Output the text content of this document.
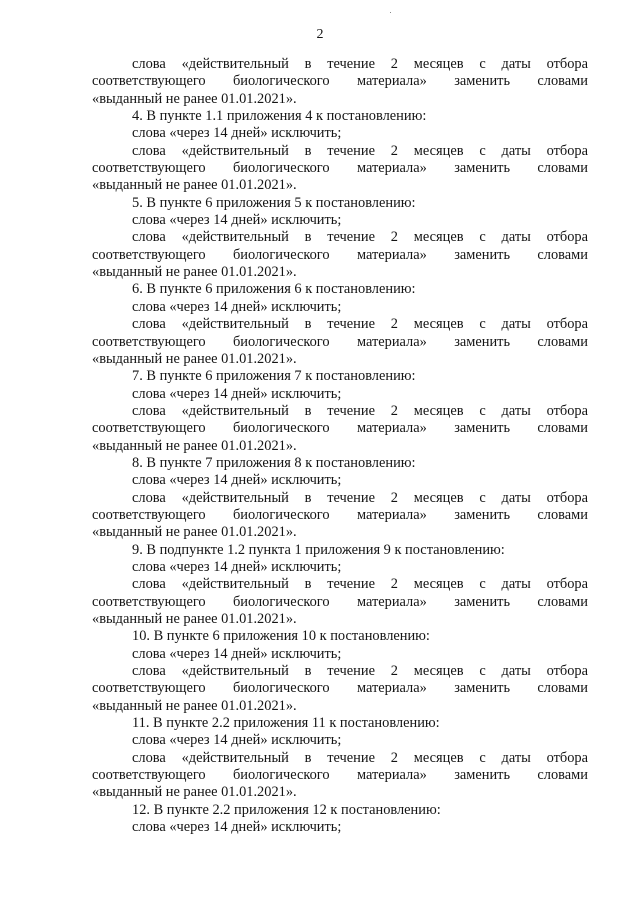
2
слова «действительный в течение 2 месяцев с даты отбора
соответствующего биологического материала» заменить словами
«выданный не ранее 01.01.2021».
4. В пункте 1.1 приложения 4 к постановлению:
слова «через 14 дней» исключить;
слова «действительный в течение 2 месяцев с даты отбора
соответствующего биологического материала» заменить словами
«выданный не ранее 01.01.2021».
5. В пункте 6 приложения 5 к постановлению:
слова «через 14 дней» исключить;
слова «действительный в течение 2 месяцев с даты отбора
соответствующего биологического материала» заменить словами
«выданный не ранее 01.01.2021».
6. В пункте 6 приложения 6 к постановлению:
слова «через 14 дней» исключить;
слова «действительный в течение 2 месяцев с даты отбора
соответствующего биологического материала» заменить словами
«выданный не ранее 01.01.2021».
7. В пункте 6 приложения 7 к постановлению:
слова «через 14 дней» исключить;
слова «действительный в течение 2 месяцев с даты отбора
соответствующего биологического материала» заменить словами
«выданный не ранее 01.01.2021».
8. В пункте 7 приложения 8 к постановлению:
слова «через 14 дней» исключить;
слова «действительный в течение 2 месяцев с даты отбора
соответствующего биологического материала» заменить словами
«выданный не ранее 01.01.2021».
9. В подпункте 1.2 пункта 1 приложения 9 к постановлению:
слова «через 14 дней» исключить;
слова «действительный в течение 2 месяцев с даты отбора
соответствующего биологического материала» заменить словами
«выданный не ранее 01.01.2021».
10. В пункте 6 приложения 10 к постановлению:
слова «через 14 дней» исключить;
слова «действительный в течение 2 месяцев с даты отбора
соответствующего биологического материала» заменить словами
«выданный не ранее 01.01.2021».
11. В пункте 2.2 приложения 11 к постановлению:
слова «через 14 дней» исключить;
слова «действительный в течение 2 месяцев с даты отбора
соответствующего биологического материала» заменить словами
«выданный не ранее 01.01.2021».
12. В пункте 2.2 приложения 12 к постановлению:
слова «через 14 дней» исключить;
